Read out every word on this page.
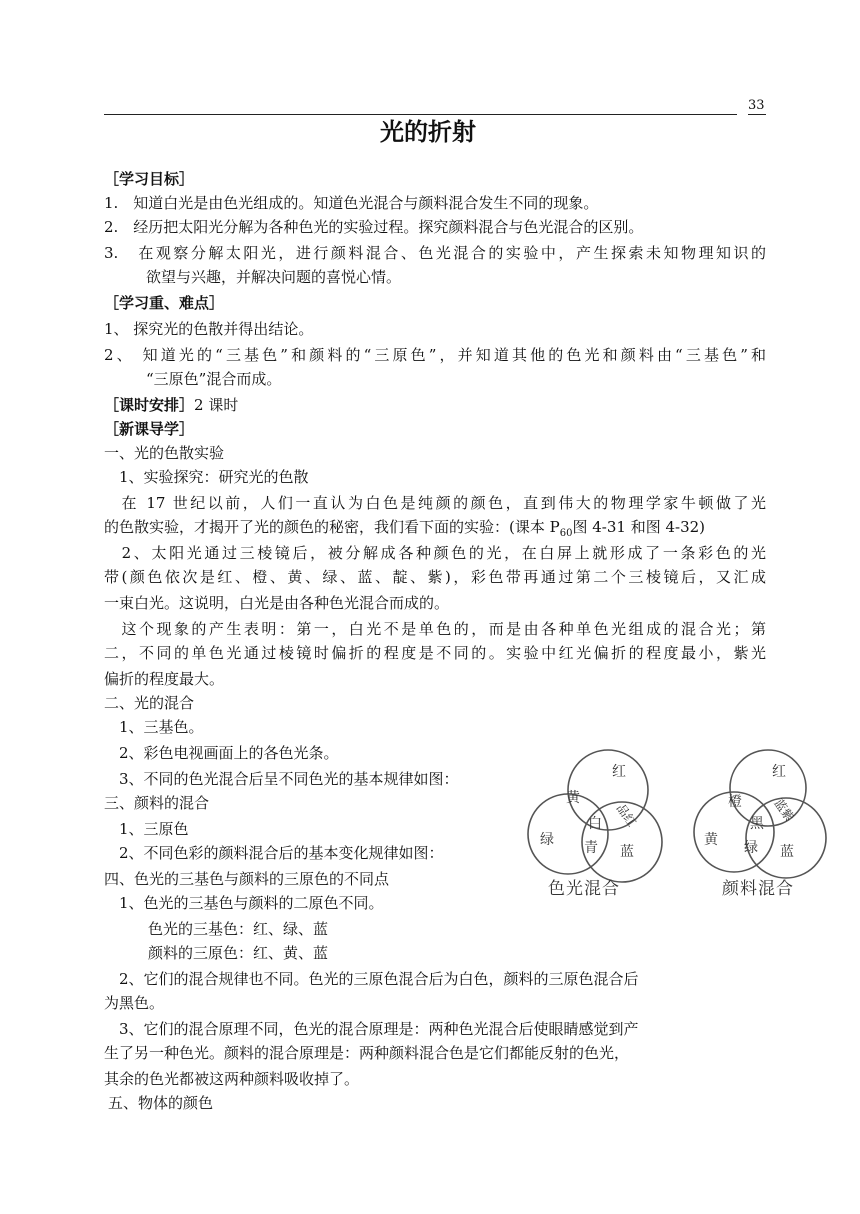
33
光的折射
［学习目标］
1.　知道白光是由色光组成的。知道色光混合与颜料混合发生不同的现象。
2.　经历把太阳光分解为各种色光的实验过程。探究颜料混合与色光混合的区别。
3.　在观察分解太阳光，进行颜料混合、色光混合的实验中，产生探索未知物理知识的
欲望与兴趣，并解决问题的喜悦心情。
［学习重、难点］
1、 探究光的色散并得出结论。
2、 知道光的“三基色”和颜料的“三原色”，并知道其他的色光和颜料由“三基色”和
“三原色”混合而成。
［课时安排］2 课时
［新课导学］
一、光的色散实验
　1、实验探究：研究光的色散
　在 17 世纪以前，人们一直认为白色是纯颜的颜色，直到伟大的物理学家牛顿做了光
的色散实验，才揭开了光的颜色的秘密，我们看下面的实验：(课本 $P_{60}$图 4-31 和图 4-32)
　2、太阳光通过三棱镜后，被分解成各种颜色的光，在白屏上就形成了一条彩色的光
带(颜色依次是红、橙、黄、绿、蓝、靛、紫)，彩色带再通过第二个三棱镜后，又汇成
一束白光。这说明，白光是由各种色光混合而成的。
　这个现象的产生表明：第一，白光不是单色的，而是由各种单色光组成的混合光；第
二，不同的单色光通过棱镜时偏折的程度是不同的。实验中红光偏折的程度最小，紫光
偏折的程度最大。
二、光的混合
　1、三基色。
　2、彩色电视画面上的各色光条。
　3、不同的色光混合后呈不同色光的基本规律如图：
三、颜料的混合
　1、三原色
　2、不同色彩的颜料混合后的基本变化规律如图：
四、色光的三基色与颜料的三原色的不同点
　1、色光的三基色与颜料的二原色不同。
色光的三基色：红、绿、蓝
颜料的三原色：红、黄、蓝
　2、它们的混合规律也不同。色光的三原色混合后为白色，颜料的三原色混合后
为黑色。
　3、它们的混合原理不同，色光的混合原理是：两种色光混合后使眼睛感觉到产
生了另一种色光。颜料的混合原理是：两种颜料混合色是它们都能反射的色光，
其余的色光都被这两种颜料吸收掉了。
五、物体的颜色
红
黄
品红
白
绿 青 蓝
色光混合
红
橙 蓝紫
黑
黄 绿 蓝
颜料混合
